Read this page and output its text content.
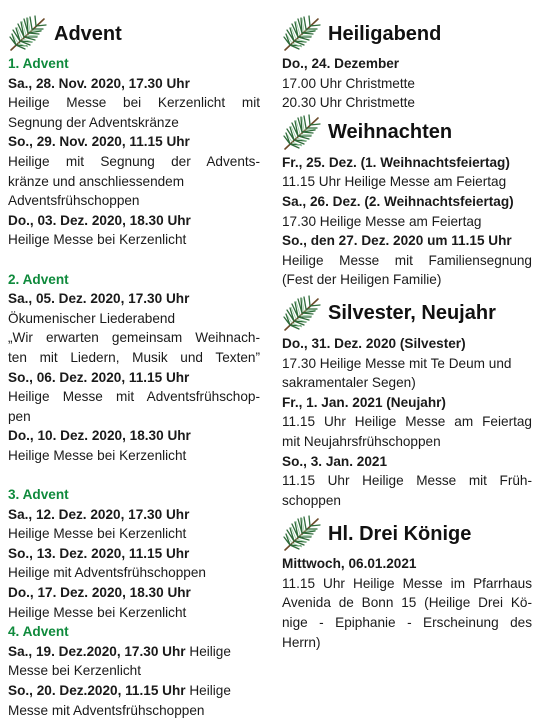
Advent
1. Advent
Sa., 28. Nov. 2020, 17.30 Uhr
Heilige Messe bei Kerzenlicht mit
Segnung der Adventskränze
So., 29. Nov. 2020, 11.15 Uhr
Heilige mit Segnung der Advents-
kränze und anschliessendem
Adventsfrühschoppen
Do., 03. Dez. 2020, 18.30 Uhr
Heilige Messe bei Kerzenlicht
2. Advent
Sa., 05. Dez. 2020, 17.30 Uhr
Ökumenischer Liederabend
„Wir erwarten gemeinsam Weihnach-
ten mit Liedern, Musik und Texten”
So., 06. Dez. 2020, 11.15 Uhr
Heilige Messe mit Adventsfrühschop-
pen
Do., 10. Dez. 2020, 18.30 Uhr
Heilige Messe bei Kerzenlicht
3. Advent
Sa., 12. Dez. 2020, 17.30 Uhr
Heilige Messe bei Kerzenlicht
So., 13. Dez. 2020, 11.15 Uhr
Heilige mit Adventsfrühschoppen
Do., 17. Dez. 2020, 18.30 Uhr
Heilige Messe bei Kerzenlicht
4. Advent
Sa., 19. Dez.2020, 17.30 Uhr Heilige
Messe bei Kerzenlicht
So., 20. Dez.2020, 11.15 Uhr Heilige
Messe mit Adventsfrühschoppen
Heiligabend
Do., 24. Dezember
17.00 Uhr Christmette
20.30 Uhr Christmette
Weihnachten
Fr., 25. Dez. (1. Weihnachtsfeiertag)
11.15 Uhr Heilige Messe am Feiertag
Sa., 26. Dez. (2. Weihnachtsfeiertag)
17.30 Heilige Messe am Feiertag
So., den 27. Dez. 2020 um 11.15 Uhr
Heilige Messe mit Familiensegnung
(Fest der Heiligen Familie)
Silvester, Neujahr
Do., 31. Dez. 2020 (Silvester)
17.30 Heilige Messe mit Te Deum und
sakramentaler Segen)
Fr., 1. Jan. 2021 (Neujahr)
11.15 Uhr Heilige Messe am Feiertag
mit Neujahrsfrühschoppen
So., 3. Jan. 2021
11.15 Uhr Heilige Messe mit Früh-
schoppen
Hl. Drei Könige
Mittwoch, 06.01.2021
11.15 Uhr Heilige Messe im Pfarrhaus
Avenida de Bonn 15 (Heilige Drei Kö-
nige - Epiphanie - Erscheinung des
Herrn)
